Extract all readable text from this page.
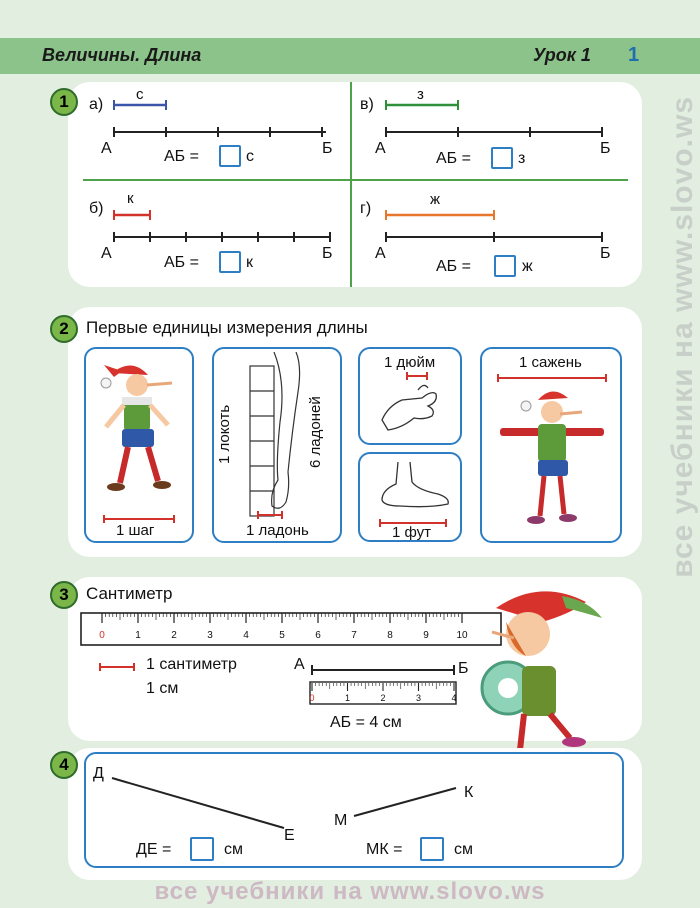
Величины. Длина	Урок 1 1
все учебники на www.slovo.ws
1	а)
с
А	Б
АБ =	с
в)
з
А	Б
АБ =	з
б)
к
А	Б
АБ =	к
г)
ж
А	Б
АБ =	ж
2	Первые единицы измерения длины
1 шаг
1 локоть	6 ладоней
1 ладонь
1 дюйм
1 фут
1 сажень
3	Сантиметр
0	1	2	3	4	5	6	7	8	9	10
1 сантиметр
1 см
А	Б
0	1	2	3	4
АБ = 4 см
4	Д
Е
М
К
ДЕ =	см	МК =	см
все учебники на www.slovo.ws
